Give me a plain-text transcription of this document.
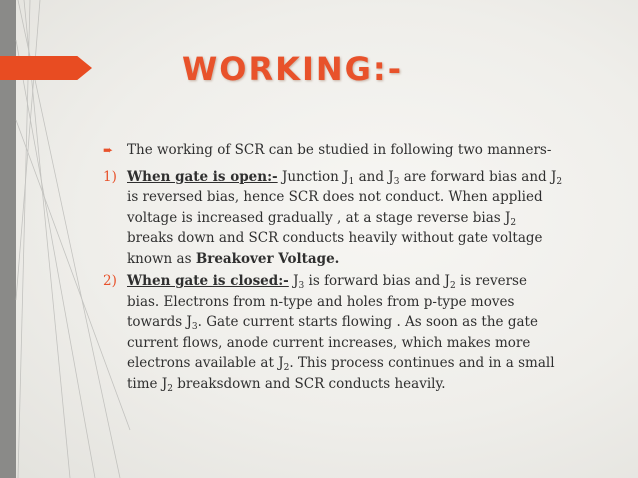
WORKING:-
➨	The working of SCR can be studied in following two manners-
1) When gate is open:- Junction $J_1$ and $J_3$ are forward bias and $J_2$ is reversed bias, hence SCR does not conduct. When applied voltage is increased gradually , at a stage reverse bias $J_2$ breaks down and SCR conducts heavily without gate voltage known as Breakover Voltage.
2) When gate is closed:- $J_3$ is forward bias and $J_2$ is reverse bias. Electrons from n-type and holes from p-type moves towards $J_3$. Gate current starts flowing . As soon as the gate current flows, anode current increases, which makes more electrons available at $J_2$. This process continues and in a small time $J_2$ breaksdown and SCR conducts heavily.
